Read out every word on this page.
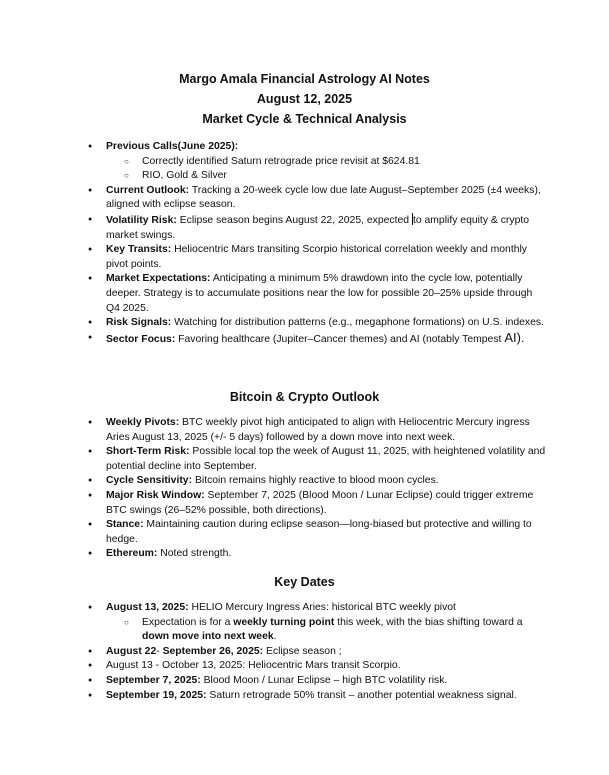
Margo Amala Financial Astrology AI Notes
August 12, 2025
Market Cycle & Technical Analysis
● Previous Calls(June 2025):
○ Correctly identified Saturn retrograde price revisit at $624.81
○ RIO, Gold & Silver
● Current Outlook: Tracking a 20-week cycle low due late August–September 2025 (±4 weeks), aligned with eclipse season.
● Volatility Risk: Eclipse season begins August 22, 2025, expected to amplify equity & crypto market swings.
● Key Transits: Heliocentric Mars transiting Scorpio historical correlation weekly and monthly pivot points.
● Market Expectations: Anticipating a minimum 5% drawdown into the cycle low, potentially deeper. Strategy is to accumulate positions near the low for possible 20–25% upside through Q4 2025.
● Risk Signals: Watching for distribution patterns (e.g., megaphone formations) on U.S. indexes.
● Sector Focus: Favoring healthcare (Jupiter–Cancer themes) and AI (notably Tempest AI).
Bitcoin & Crypto Outlook
● Weekly Pivots: BTC weekly pivot high anticipated to align with Heliocentric Mercury ingress Aries August 13, 2025 (+/- 5 days) followed by a down move into next week.
● Short-Term Risk: Possible local top the week of August 11, 2025, with heightened volatility and potential decline into September.
● Cycle Sensitivity: Bitcoin remains highly reactive to blood moon cycles.
● Major Risk Window: September 7, 2025 (Blood Moon / Lunar Eclipse) could trigger extreme BTC swings (26–52% possible, both directions).
● Stance: Maintaining caution during eclipse season—long-biased but protective and willing to hedge.
● Ethereum: Noted strength.
Key Dates
● August 13, 2025: HELIO Mercury Ingress Aries: historical BTC weekly pivot
○ Expectation is for a weekly turning point this week, with the bias shifting toward a down move into next week.
● August 22- September 26, 2025: Eclipse season ;
● August 13 - October 13, 2025: Heliocentric Mars transit Scorpio.
● September 7, 2025: Blood Moon / Lunar Eclipse – high BTC volatility risk.
● September 19, 2025: Saturn retrograde 50% transit – another potential weakness signal.
